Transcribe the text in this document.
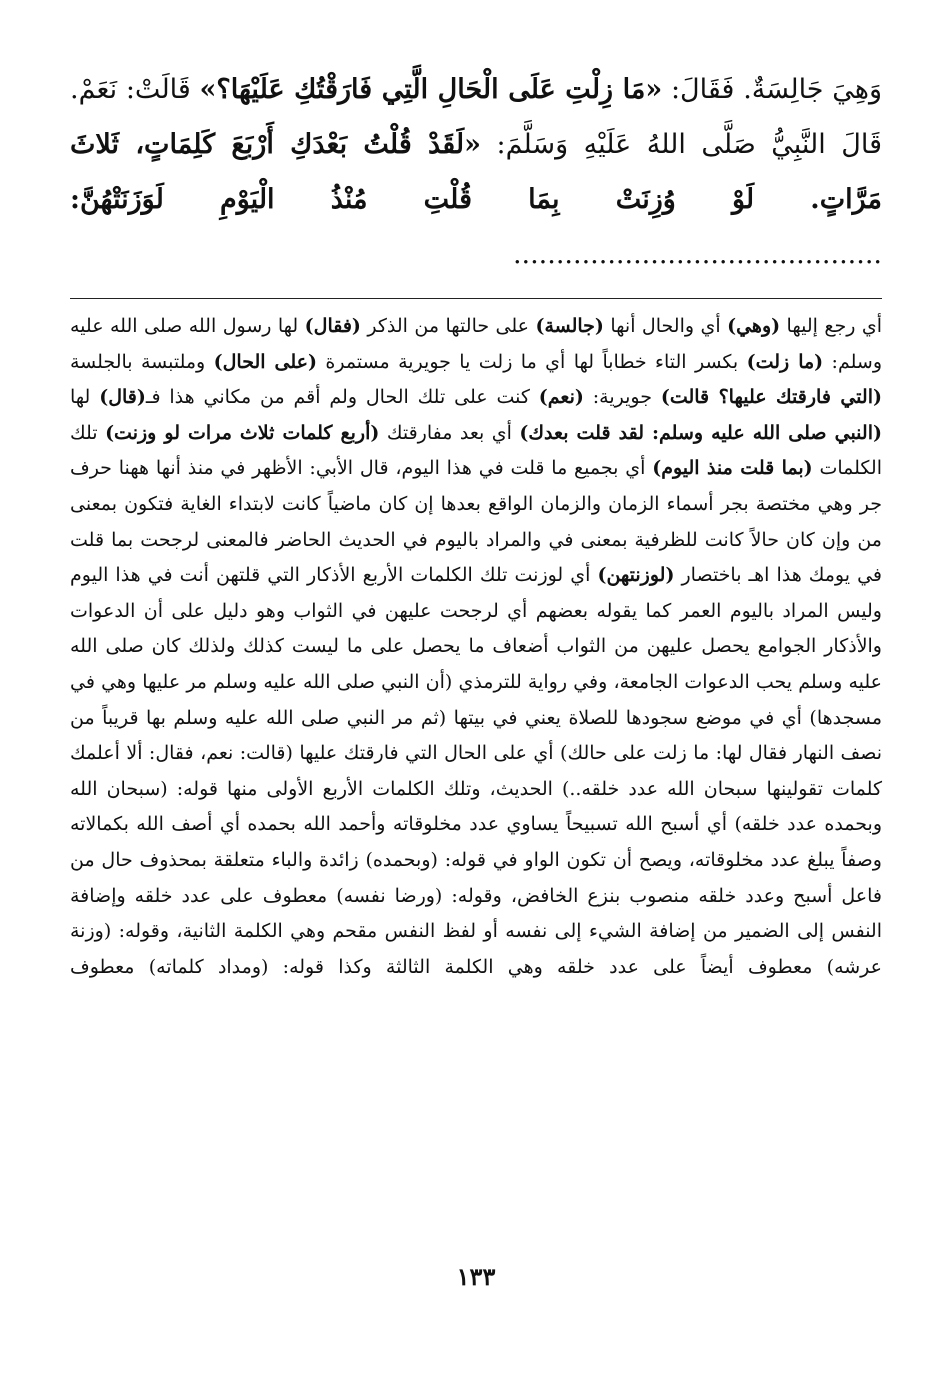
وَهِيَ جَالِسَةٌ. فَقَالَ: «مَا زِلْتِ عَلَى الْحَالِ الَّتِي فَارَقْتُكِ عَلَيْهَا؟» قَالَتْ: نَعَمْ. قَالَ النَّبِيُّ صَلَّى اللهُ عَلَيْهِ وَسَلَّمَ: «لَقَدْ قُلْتُ بَعْدَكِ أَرْبَعَ كَلِمَاتٍ، ثَلاثَ مَرَّاتٍ. لَوْ وُزِنَتْ بِمَا قُلْتِ مُنْذُ الْيَوْمِ لَوَزَنَتْهُنَّ: ...........................................

أي رجع إليها (وهي) أي والحال أنها (جالسة) على حالتها من الذكر (فقال) لها رسول الله صلى الله عليه وسلم: (ما زلت) بكسر التاء خطاباً لها أي ما زلت يا جويرية مستمرة (على الحال) وملتبسة بالجلسة (التي فارقتك عليها؟ قالت) جويرية: (نعم) كنت على تلك الحال ولم أقم من مكاني هذا فـ(قال) لها (النبي صلى الله عليه وسلم: لقد قلت بعدك) أي بعد مفارقتك (أربع كلمات ثلاث مرات لو وزنت) تلك الكلمات (بما قلت منذ اليوم) أي بجميع ما قلت في هذا اليوم، قال الأبي: الأظهر في منذ أنها ههنا حرف جر وهي مختصة بجر أسماء الزمان والزمان الواقع بعدها إن كان ماضياً كانت لابتداء الغاية فتكون بمعنى من وإن كان حالاً كانت للظرفية بمعنى في والمراد باليوم في الحديث الحاضر فالمعنى لرجحت بما قلت في يومك هذا اهـ باختصار (لوزنتهن) أي لوزنت تلك الكلمات الأربع الأذكار التي قلتهن أنت في هذا اليوم وليس المراد باليوم العمر كما يقوله بعضهم أي لرجحت عليهن في الثواب وهو دليل على أن الدعوات والأذكار الجوامع يحصل عليهن من الثواب أضعاف ما يحصل على ما ليست كذلك ولذلك كان صلى الله عليه وسلم يحب الدعوات الجامعة، وفي رواية للترمذي (أن النبي صلى الله عليه وسلم مر عليها وهي في مسجدها) أي في موضع سجودها للصلاة يعني في بيتها (ثم مر النبي صلى الله عليه وسلم بها قريباً من نصف النهار فقال لها: ما زلت على حالك) أي على الحال التي فارقتك عليها (قالت: نعم، فقال: ألا أعلمك كلمات تقولينها سبحان الله عدد خلقه..) الحديث، وتلك الكلمات الأربع الأولى منها قوله: (سبحان الله وبحمده عدد خلقه) أي أسبح الله تسبيحاً يساوي عدد مخلوقاته وأحمد الله بحمده أي أصف الله بكمالاته وصفاً يبلغ عدد مخلوقاته، ويصح أن تكون الواو في قوله: (وبحمده) زائدة والباء متعلقة بمحذوف حال من فاعل أسبح وعدد خلقه منصوب بنزع الخافض، وقوله: (ورضا نفسه) معطوف على عدد خلقه وإضافة النفس إلى الضمير من إضافة الشيء إلى نفسه أو لفظ النفس مقحم وهي الكلمة الثانية، وقوله: (وزنة عرشه) معطوف أيضاً على عدد خلقه وهي الكلمة الثالثة وكذا قوله: (ومداد كلماته) معطوف

١٣٣
